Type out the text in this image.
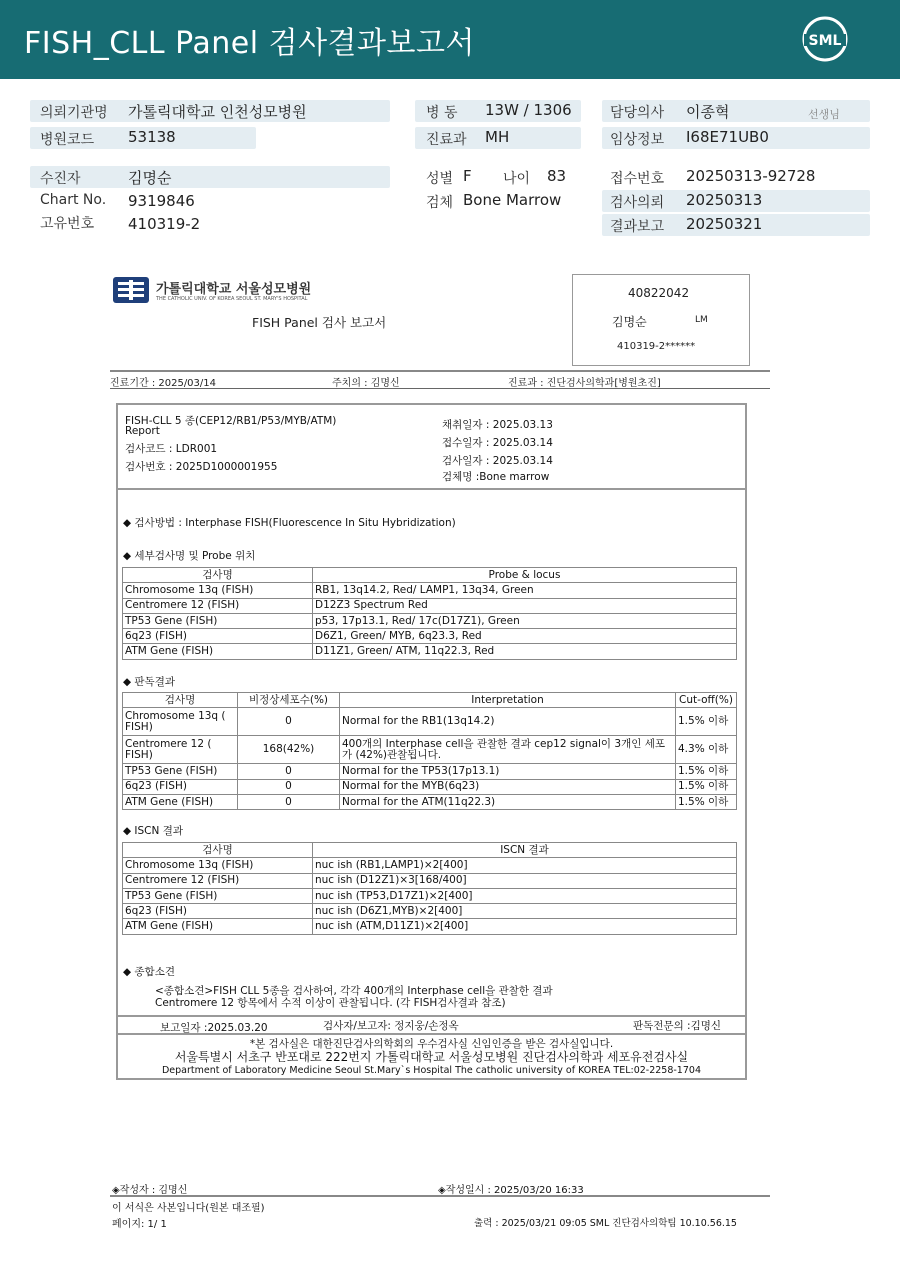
FISH_CLL Panel 검사결과보고서	SML
의뢰기관명 가톨릭대학교 인천성모병원
병원코드 53138
병 동 13W / 1306
진료과 MH
담당의사 이종혁	선생님
임상정보 I68E71UB0
수진자	김명순
Chart No. 9319846
고유번호 410319-2
성별 F 나이 83
검체 Bone Marrow
접수번호 20250313-92728
검사의뢰 20250313
결과보고 20250321
가톨릭대학교 서울성모병원
THE CATHOLIC UNIV. OF KOREA SEOUL ST. MARY'S HOSPITAL
FISH Panel 검사 보고서
40822042
김명순	LM
410319-2******
진료기간 : 2025/03/14	주치의 : 김명신	진료과 : 진단검사의학과[병원초진]
FISH-CLL 5 종(CEP12/RB1/P53/MYB/ATM)
Report
검사코드 : LDR001
검사번호 : 2025D1000001955
채취일자 : 2025.03.13
접수일자 : 2025.03.14
검사일자 : 2025.03.14
검체명 :Bone marrow
◆ 검사방법 : Interphase FISH(Fluorescence In Situ Hybridization)
◆ 세부검사명 및 Probe 위치
검사명	Probe & locus
Chromosome 13q (FISH)	RB1, 13q14.2, Red/ LAMP1, 13q34, Green
Centromere 12 (FISH)	D12Z3 Spectrum Red
TP53 Gene (FISH)	p53, 17p13.1, Red/ 17c(D17Z1), Green
6q23 (FISH)	D6Z1, Green/ MYB, 6q23.3, Red
ATM Gene (FISH)	D11Z1, Green/ ATM, 11q22.3, Red
◆ 판독결과
검사명	비정상세포수(%)	Interpretation	Cut-off(%)
Chromosome 13q ( FISH)	0	Normal for the RB1(13q14.2)	1.5% 이하
Centromere 12 ( FISH)	168(42%)	400개의 Interphase cell을 관찰한 결과 cep12 signal이 3개인 세포가 (42%)관찰됩니다.	4.3% 이하
TP53 Gene (FISH)	0	Normal for the TP53(17p13.1)	1.5% 이하
6q23 (FISH)	0	Normal for the MYB(6q23)	1.5% 이하
ATM Gene (FISH)	0	Normal for the ATM(11q22.3)	1.5% 이하
◆ ISCN 결과
검사명	ISCN 결과
Chromosome 13q (FISH)	nuc ish (RB1,LAMP1)×2[400]
Centromere 12 (FISH)	nuc ish (D12Z1)×3[168/400]
TP53 Gene (FISH)	nuc ish (TP53,D17Z1)×2[400]
6q23 (FISH)	nuc ish (D6Z1,MYB)×2[400]
ATM Gene (FISH)	nuc ish (ATM,D11Z1)×2[400]
◆ 종합소견
<종합소견>FISH CLL 5종을 검사하여, 각각 400개의 Interphase cell을 관찰한 결과
Centromere 12 항목에서 수적 이상이 관찰됩니다. (각 FISH검사결과 참조)
보고일자 :2025.03.20	검사자/보고자: 정지웅/손정옥	판독전문의 :김명신
*본 검사실은 대한진단검사의학회의 우수검사실 신임인증을 받은 검사실입니다.
서울특별시 서초구 반포대로 222번지 가톨릭대학교 서울성모병원 진단검사의학과 세포유전검사실
Department of Laboratory Medicine Seoul St.Mary`s Hospital The catholic university of KOREA TEL:02-2258-1704
◈작성자 : 김명신	◈작성일시 : 2025/03/20 16:33
이 서식은 사본입니다(원본 대조필)
페이지: 1/ 1	출력 : 2025/03/21 09:05 SML 진단검사의학팀 10.10.56.15
